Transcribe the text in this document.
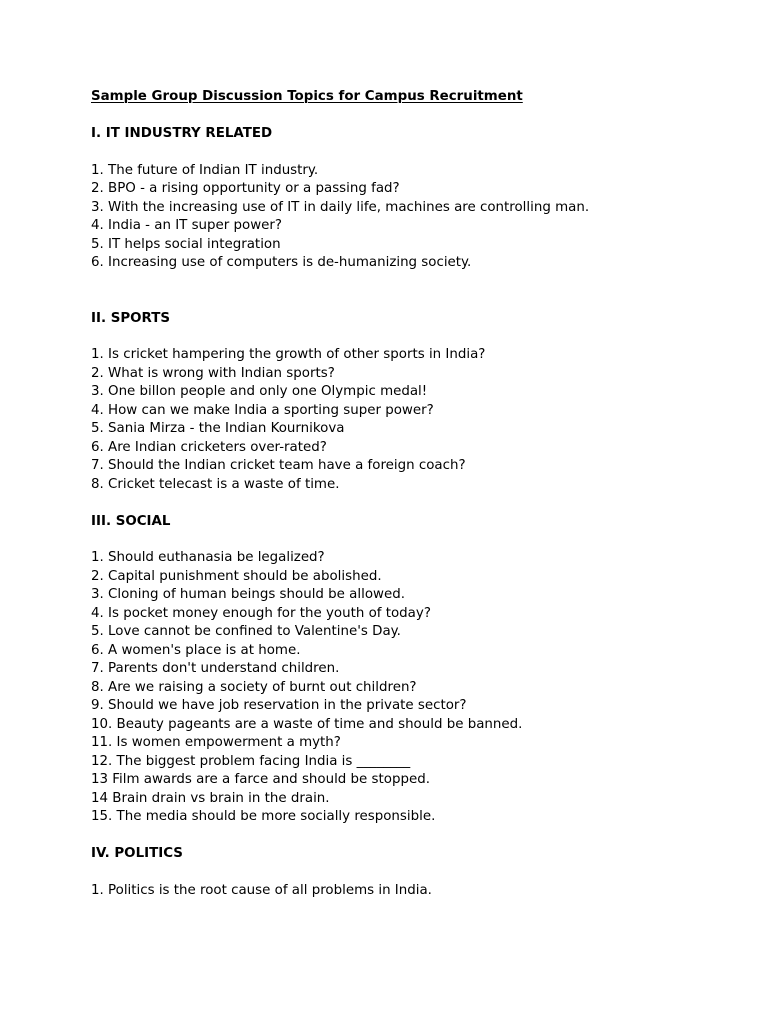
Sample Group Discussion Topics for Campus Recruitment
I. IT INDUSTRY RELATED
1. The future of Indian IT industry.
2. BPO - a rising opportunity or a passing fad?
3. With the increasing use of IT in daily life, machines are controlling man.
4. India - an IT super power?
5. IT helps social integration
6. Increasing use of computers is de-humanizing society.
II. SPORTS
1. Is cricket hampering the growth of other sports in India?
2. What is wrong with Indian sports?
3. One billon people and only one Olympic medal!
4. How can we make India a sporting super power?
5. Sania Mirza - the Indian Kournikova
6. Are Indian cricketers over-rated?
7. Should the Indian cricket team have a foreign coach?
8. Cricket telecast is a waste of time.
III. SOCIAL
1. Should euthanasia be legalized?
2. Capital punishment should be abolished.
3. Cloning of human beings should be allowed.
4. Is pocket money enough for the youth of today?
5. Love cannot be confined to Valentine's Day.
6. A women's place is at home.
7. Parents don't understand children.
8. Are we raising a society of burnt out children?
9. Should we have job reservation in the private sector?
10. Beauty pageants are a waste of time and should be banned.
11. Is women empowerment a myth?
12. The biggest problem facing India is ________
13 Film awards are a farce and should be stopped.
14 Brain drain vs brain in the drain.
15. The media should be more socially responsible.
IV. POLITICS
1. Politics is the root cause of all problems in India.
